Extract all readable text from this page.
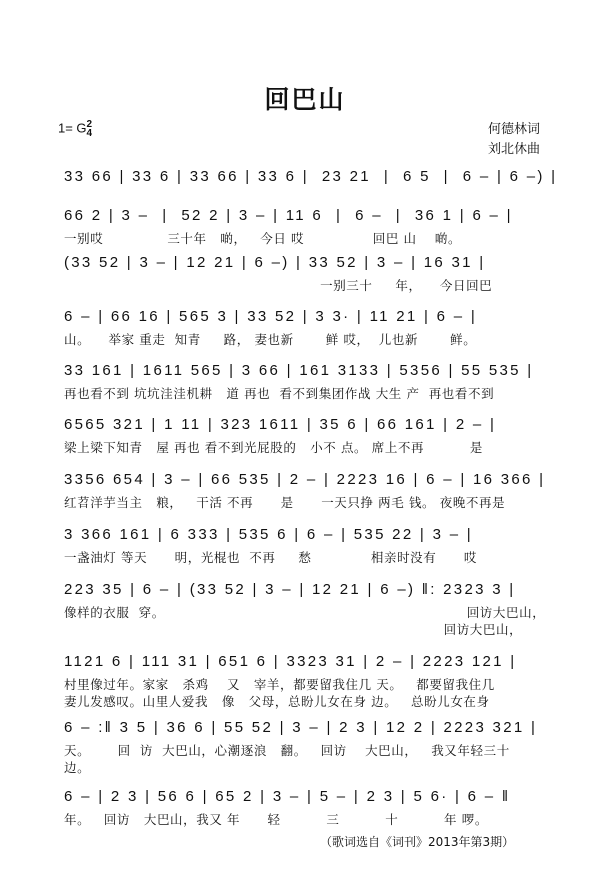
回巴山
1= G2
4	何德林词
刘北休曲
33 66 | 33 6 | 33 66 | 33 6 |  23 21  |  6 5  |  6 – | 6 –) |
66 2 | 3 –  |  52 2 | 3 – | 11 6  |  6 –  |  36 1 | 6 – |
一别哎              三十年   啲，   今日 哎               回巴 山    啲。
(33 52 | 3 – | 12 21 | 6 –) | 33 52 | 3 – | 16 31 |
一别三十     年，    今日回巴
6 – | 66 16 | 565 3 | 33 52 | 3 3· | 11 21 | 6 – |
山。    举家 重走  知青     路， 妻也新       鲜 哎，  儿也新       鲜。
33 161 | 1611 565 | 3 66 | 161 3133 | 5356 | 55 535 |
再也看不到 坑坑洼洼机耕   道 再也  看不到集团作战 大生 产  再也看不到
6565 321 | 1 11 | 323 1611 | 35 6 | 66 161 | 2 – |
梁上梁下知青   屋 再也 看不到光屁股的   小不 点。 席上不再          是
3356 654 | 3 – | 66 535 | 2 – | 2223 16 | 6 – | 16 366 |
红苕洋芋当主   粮，   干活 不再      是      一天只挣 两毛 钱。 夜晚不再是
3 366 161 | 6 333 | 535 6 | 6 – | 535 22 | 3 – |
一盏油灯 等天      明，光棍也  不再     愁             相亲时没有      哎
223 35 | 6 – | (33 52 | 3 – | 12 21 | 6 –) ‖: 2323 3 |
像样的衣服  穿。                                                                  回访大巴山，
回访大巴山，
1121 6 | 111 31 | 651 6 | 3323 31 | 2 – | 2223 121 |
村里像过年。家家   杀鸡    又   宰羊，都要留我住几 天。   都要留我住几
妻儿发感叹。山里人爱我   像   父母，总盼儿女在身 边。   总盼儿女在身
6 – :‖ 3 5 | 36 6 | 55 52 | 3 – | 2 3 | 12 2 | 2223 321 |
天。      回  访  大巴山，心潮逐浪   翻。   回访    大巴山，   我又年轻三十
边。
6 – | 2 3 | 56 6 | 65 2 | 3 – | 5 – | 2 3 | 5 6· | 6 – ‖
年。   回访   大巴山，我又 年      轻          三          十          年 啰。
（歌词选自《词刊》2013年第3期）
